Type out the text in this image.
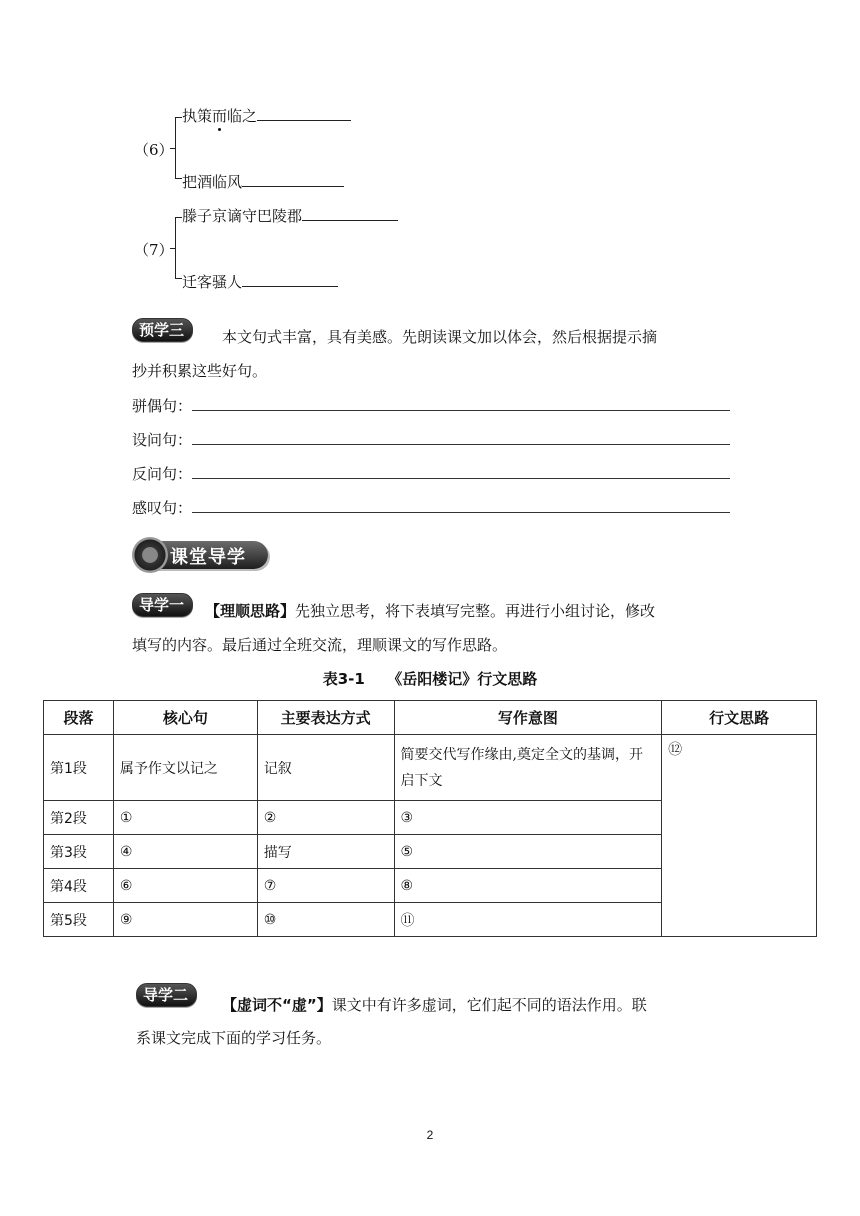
（6）
执策而临之
把酒临风
（7）
滕子京谪守巴陵郡
迁客骚人
预学三	本文句式丰富，具有美感。先朗读课文加以体会，然后根据提示摘
抄并积累这些好句。
骈偶句：
设问句：
反问句：
感叹句：
课堂导学
导学一	【理顺思路】先独立思考，将下表填写完整。再进行小组讨论，修改
填写的内容。最后通过全班交流，理顺课文的写作思路。
表3-1　　《岳阳楼记》行文思路
段落	核心句	主要表达方式	写作意图	行文思路
第1段	属予作文以记之	记叙	简要交代写作缘由,奠定全文的基调，开启下文	⑫
第2段	①	②	③	
第3段	④	描写	⑤	
第4段	⑥	⑦	⑧	
第5段	⑨	⑩	⑪	
导学二
【虚词不“虚”】课文中有许多虚词，它们起不同的语法作用。联
系课文完成下面的学习任务。
2
